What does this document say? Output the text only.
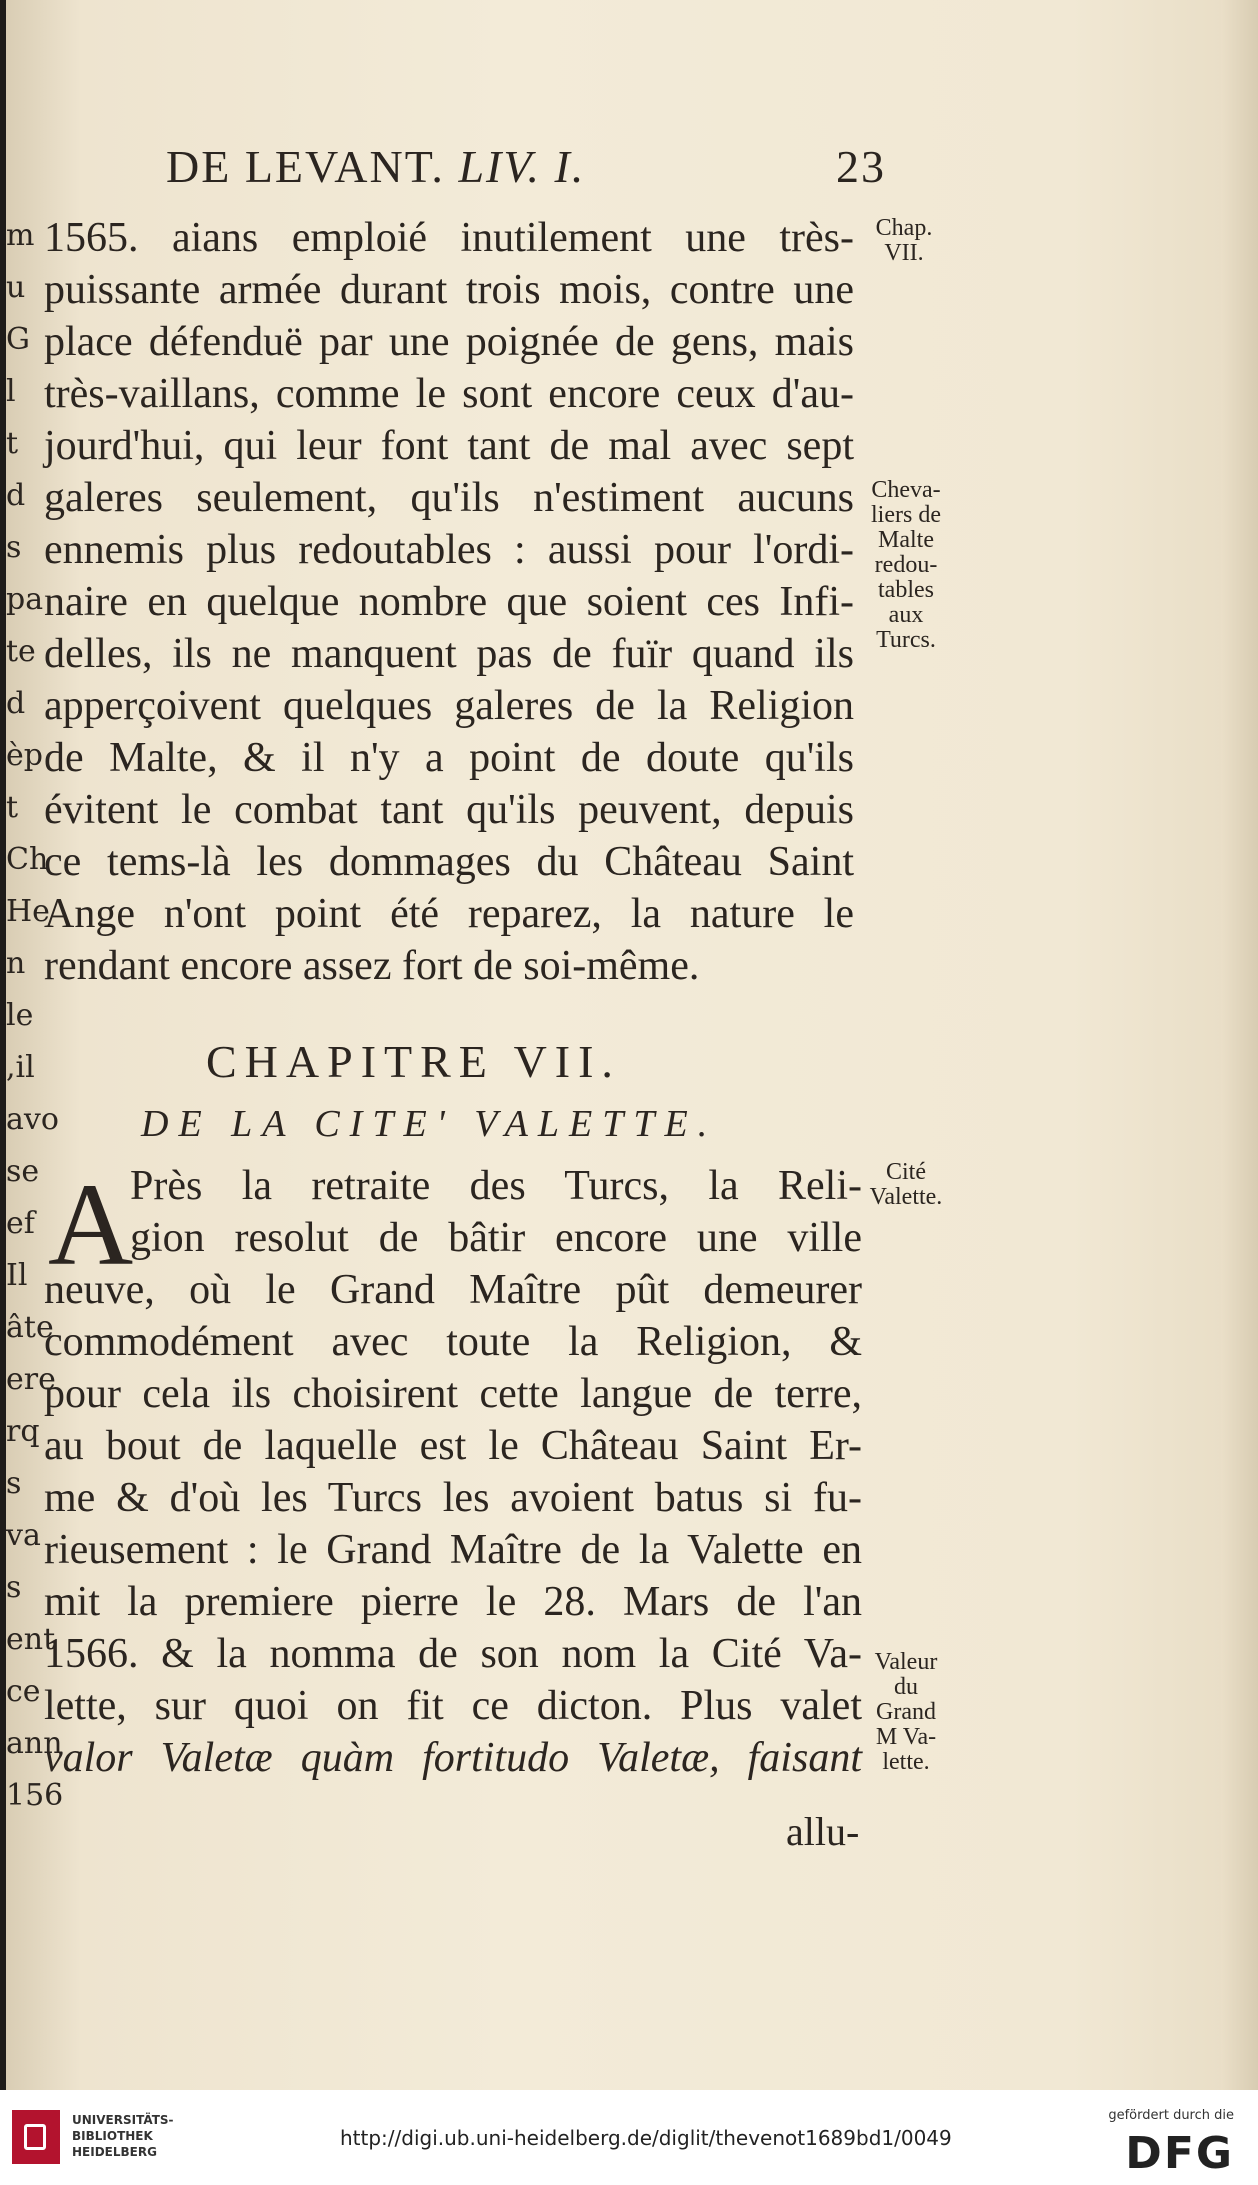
m
u
G
l
t
d
s
pa
te
d
èp
t
Ch
He
n
le
,il
avo
se
ef
Il
âte
ere
rq
s
va
s
ent
ce
ann
156
DE LEVANT. LIV. I.	23
1565. aians emploié inutilement une très-
puissante armée durant trois mois, contre une
place défenduë par une poignée de gens, mais
très-vaillans, comme le sont encore ceux d'au-
jourd'hui, qui leur font tant de mal avec sept
galeres seulement, qu'ils n'estiment aucuns
ennemis plus redoutables : aussi pour l'ordi-
naire en quelque nombre que soient ces Infi-
delles, ils ne manquent pas de fuïr quand ils
apperçoivent quelques galeres de la Religion
de Malte, & il n'y a point de doute qu'ils
évitent le combat tant qu'ils peuvent, depuis
ce tems-là les dommages du Château Saint
Ange n'ont point été reparez, la nature le
rendant encore assez fort de soi-même.
CHAPITRE VII.
DE LA CITE' VALETTE.
A
Près la retraite des Turcs, la Reli-
gion resolut de bâtir encore une ville
neuve, où le Grand Maître pût demeurer
commodément avec toute la Religion, &
pour cela ils choisirent cette langue de terre,
au bout de laquelle est le Château Saint Er-
me & d'où les Turcs les avoient batus si fu-
rieusement : le Grand Maître de la Valette en
mit la premiere pierre le 28. Mars de l'an
1566. & la nomma de son nom la Cité Va-
lette, sur quoi on fit ce dicton. Plus valet
valor Valetæ quàm fortitudo Valetæ, faisant
allu-
Chap.
VII.
Cheva-
liers de
Malte
redou-
tables
aux
Turcs.
Cité
Valette.
Valeur
du
Grand
M Va-
lette.
UNIVERSITÄTS-
BIBLIOTHEK
HEIDELBERG
http://digi.ub.uni-heidelberg.de/diglit/thevenot1689bd1/0049
gefördert durch die
DFG
